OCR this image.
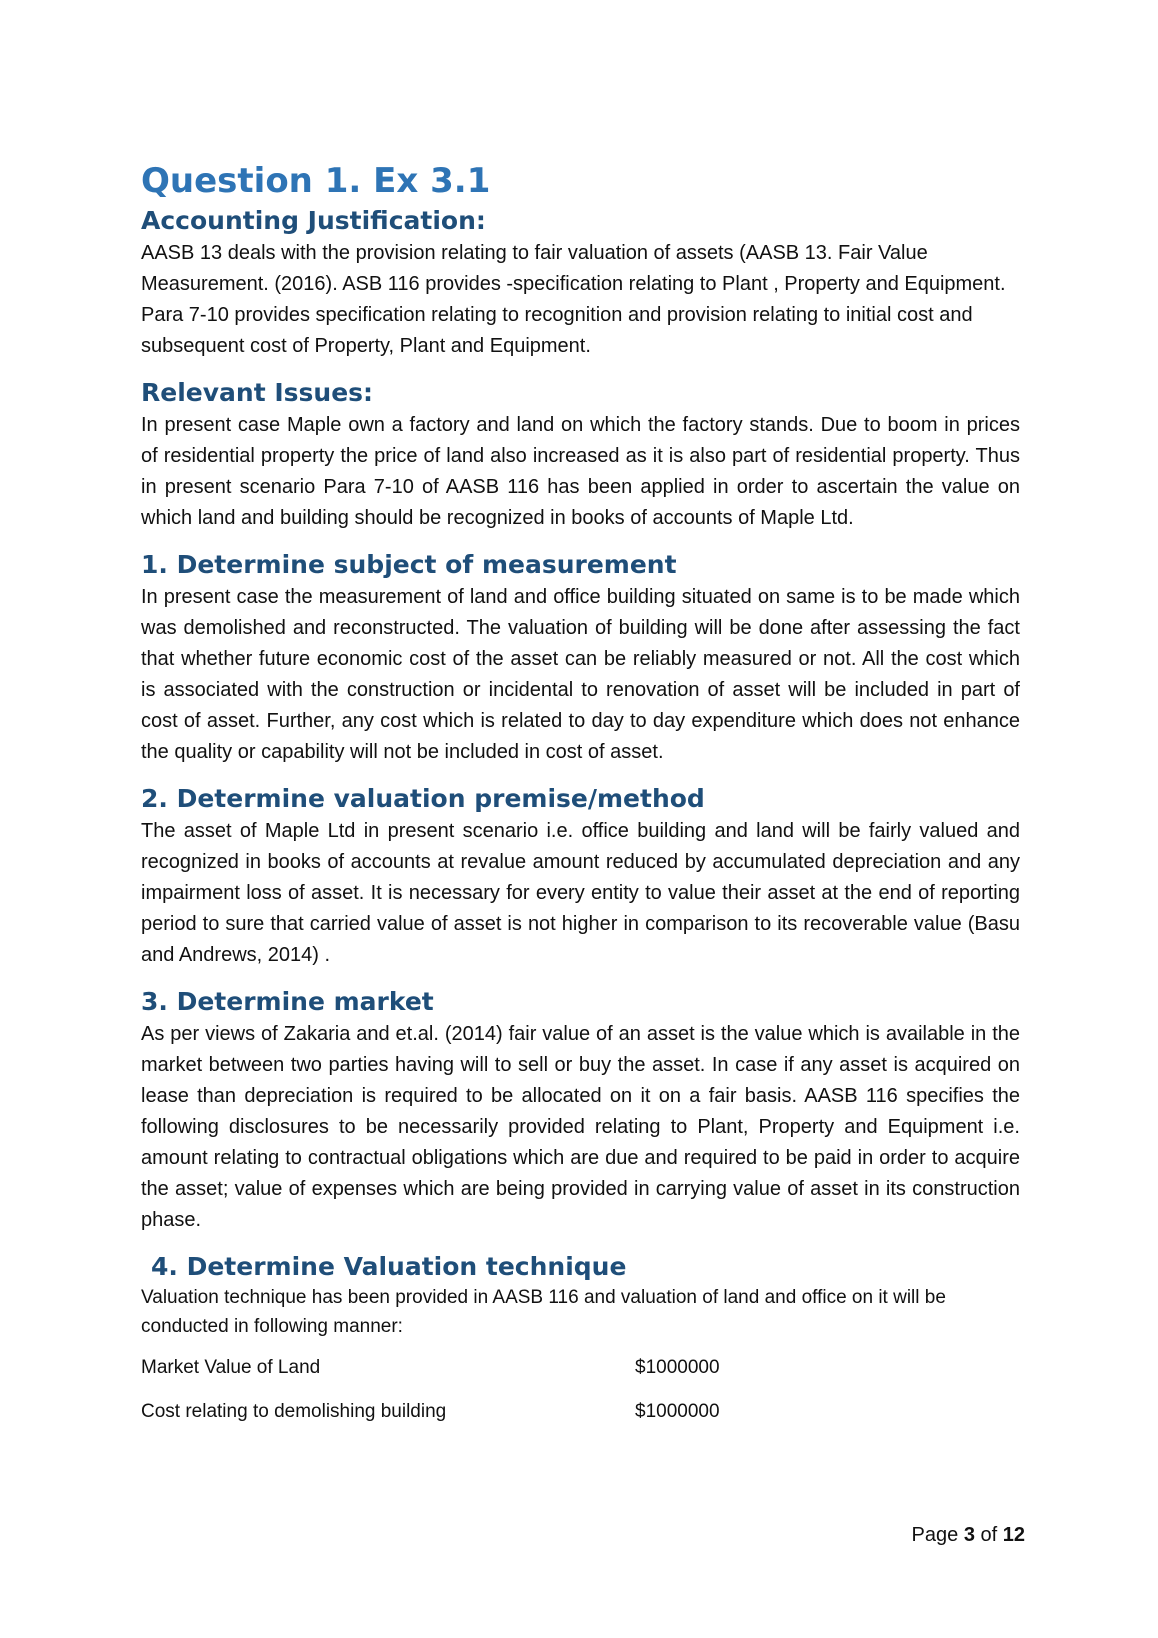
Question 1. Ex 3.1
Accounting Justification:

AASB 13 deals with the provision relating to fair valuation of assets (AASB 13. Fair Value Measurement. (2016). ASB 116 provides -specification relating to Plant , Property and Equipment. Para 7-10 provides specification relating to recognition and provision relating to initial cost and subsequent cost of Property, Plant and Equipment.

Relevant Issues:

In present case Maple own a factory and land on which the factory stands. Due to boom in prices of residential property the price of land also increased as it is also part of residential property. Thus in present scenario Para 7-10 of AASB 116 has been applied in order to ascertain the value on which land and building should be recognized in books of accounts of Maple Ltd.

1. Determine subject of measurement

In present case the measurement of land and office building situated on same is to be made which was demolished and reconstructed. The valuation of building will be done after assessing the fact that whether future economic cost of the asset can be reliably measured or not. All the cost which is associated with the construction or incidental to renovation of asset will be included in part of cost of asset. Further, any cost which is related to day to day expenditure which does not enhance the quality or capability will not be included in cost of asset.

2. Determine valuation premise/method

The asset of Maple Ltd in present scenario i.e. office building and land will be fairly valued and recognized in books of accounts at revalue amount reduced by accumulated depreciation and any impairment loss of asset. It is necessary for every entity to value their asset at the end of reporting period to sure that carried value of asset is not higher in comparison to its recoverable value (Basu and Andrews, 2014) .

3. Determine market

As per views of Zakaria and et.al. (2014) fair value of an asset is the value which is available in the market between two parties having will to sell or buy the asset. In case if any asset is acquired on lease than depreciation is required to be allocated on it on a fair basis. AASB 116 specifies the following disclosures to be necessarily provided relating to Plant, Property and Equipment i.e. amount relating to contractual obligations which are due and required to be paid in order to acquire the asset; value of expenses which are being provided in carrying value of asset in its construction phase.

4. Determine Valuation technique

Valuation technique has been provided in AASB 116 and valuation of land and office on it will be conducted in following manner:

Market Value of Land	$1000000
Cost relating to demolishing building	$1000000
Page 3 of 12
